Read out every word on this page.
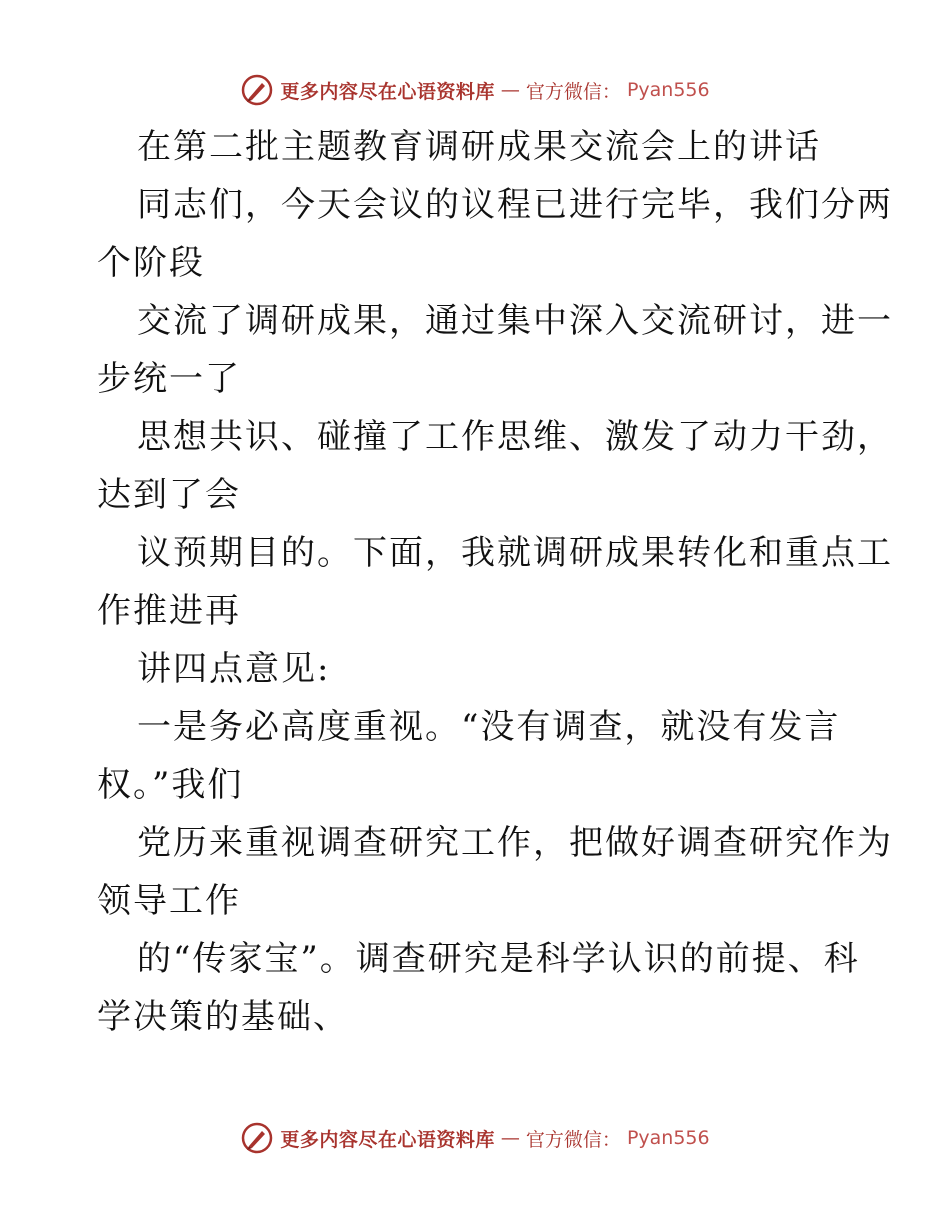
更多内容尽在心语资料库 — 官方微信： Pyan556
在第二批主题教育调研成果交流会上的讲话
同志们，今天会议的议程已进行完毕，我们分两
个阶段
交流了调研成果，通过集中深入交流研讨，进一
步统一了
思想共识、碰撞了工作思维、激发了动力干劲，
达到了会
议预期目的。下面，我就调研成果转化和重点工
作推进再
讲四点意见:
一是务必高度重视。“没有调查，就没有发言
权。”我们
党历来重视调查研究工作，把做好调查研究作为
领导工作
的“传家宝”。调查研究是科学认识的前提、科
学决策的基础、
更多内容尽在心语资料库 — 官方微信： Pyan556
